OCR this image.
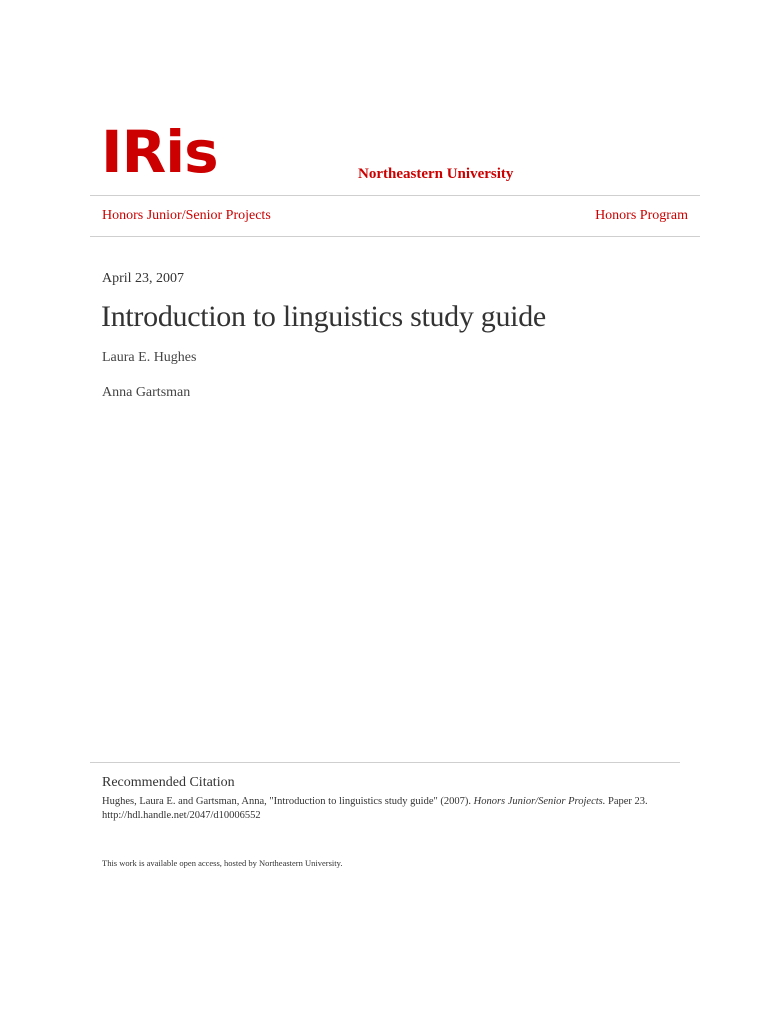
IRis	Northeastern University
Honors Junior/Senior Projects	Honors Program
April 23, 2007
Introduction to linguistics study guide
Laura E. Hughes
Anna Gartsman
Recommended Citation
Hughes, Laura E. and Gartsman, Anna, "Introduction to linguistics study guide" (2007). Honors Junior/Senior Projects. Paper 23.
http://hdl.handle.net/2047/d10006552
This work is available open access, hosted by Northeastern University.
